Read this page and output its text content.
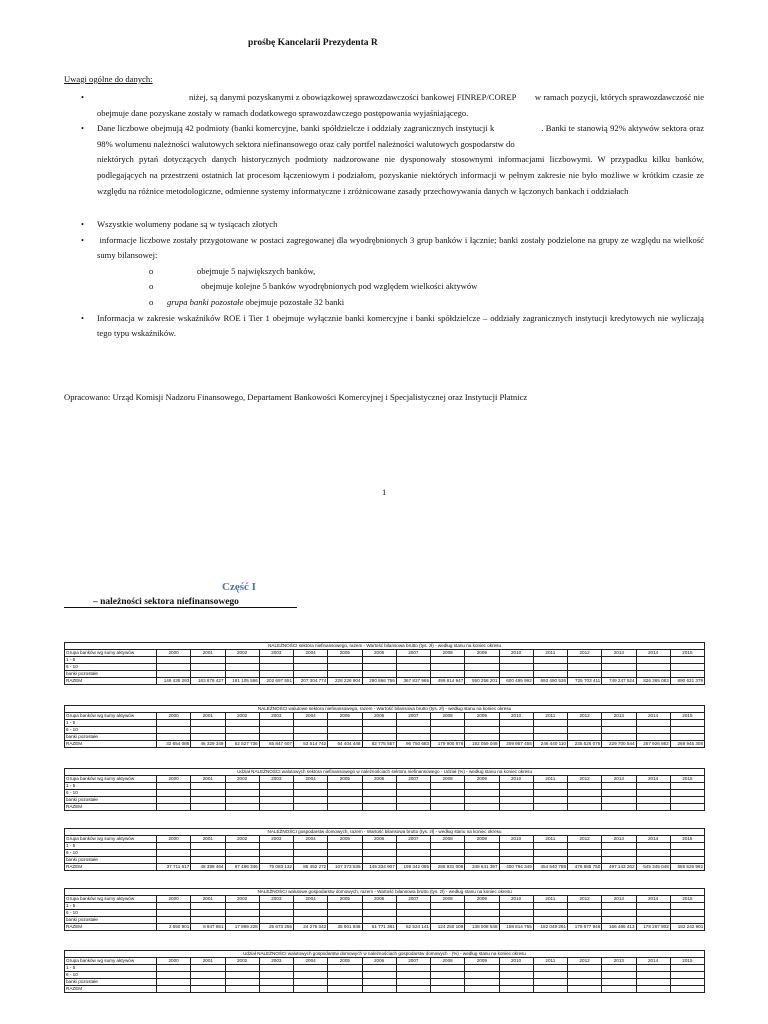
prośbę Kancelarii Prezydenta R
Uwagi ogólne do danych:
•	niżej, są danymi pozyskanymi z obowiązkowej sprawozdawczości bankowej FINREP/COREP w ramach pozycji, których sprawozdawczość nie obejmuje dane pozyskane zostały w ramach dodatkowego sprawozdawczego postępowania wyjaśniającego.
• Dane liczbowe obejmują 42 podmioty (banki komercyjne, banki spółdzielcze i oddziały zagranicznych instytucji k	. Banki te stanowią 92% aktywów sektora oraz 98% wolumenu należności walutowych sektora niefinansowego oraz cały portfel należności walutowych gospodarstw do
niektórych pytań dotyczących danych historycznych podmioty nadzorowane nie dysponowały stosownymi informacjami liczbowymi. W przypadku kilku banków, podlegających na przestrzeni ostatnich lat procesom łączeniowym i podziałom, pozyskanie niektórych informacji w pełnym zakresie nie było możliwe w krótkim czasie ze względu na różnice metodologiczne, odmienne systemy informatyczne i zróżnicowane zasady przechowywania danych w łączonych bankach i oddziałach
• Wszystkie wolumeny podane są w tysiącach złotych
• informacje liczbowe zostały przygotowane w postaci zagregowanej dla wyodrębnionych 3 grup banków i łącznie; banki zostały podzielone na grupy ze względu na wielkość sumy bilansowej:
o	obejmuje 5 największych banków,
o	obejmuje kolejne 5 banków wyodrębnionych pod względem wielkości aktywów
o grupa banki pozostałe obejmuje pozostałe 32 banki
• Informacja w zakresie wskaźników ROE i Tier 1 obejmuje wyłącznie banki komercyjne i banki spółdzielcze – oddziały zagranicznych instytucji kredytowych nie wyliczają tego typu wskaźników.
Opracowano: Urząd Komisji Nadzoru Finansowego, Departament Bankowości Komercyjnej i Specjalistycznej oraz Instytucji Płatnicz
1
Część I
– należności sektora niefinansowego
NALEŻNOŚCI sektora niefinansowego, razem - Wartość bilansowa brutto (tys. zł) - według stanu na koniec okresu																
Grupa banków wg sumy aktywów	2000	2001	2002	2003	2004	2005	2006	2007	2008	2009	2010	2011	2012	2013	2014	2015
1 - 5																
6 - 10																
banki pozostałe																
RAZEM	146 435 293	183 876 427	191 105 586	202 697 551	207 304 774	228 226 904	280 866 756	367 837 965	499 814 947	550 258 201	600 495 992	693 490 536	725 703 411	749 247 524	826 365 083	890 631 379
NALEŻNOŚCI walutowe sektora niefinansowego, razem - Wartość bilansowa brutto (tys. zł) - według stanu na koniec okresu																
Grupa banków wg sumy aktywów	2000	2001	2002	2003	2004	2005	2006	2007	2008	2009	2010	2011	2012	2013	2014	2015
1 - 5																
6 - 10																
banki pozostałe																
RAZEM	32 654 086	46 329 349	52 527 736	65 847 607	53 514 742	64 404 448	82 775 557	96 750 683	179 900 876	192 059 048	209 957 455	246 440 110	235 526 075	229 700 544	257 926 862	269 945 308
Udział NALEŻNOŚCI walutowych sektora niefinansowego w należnościach sektora niefinansowego - Udział (%) - według stanu na koniec okresu																
Grupa banków wg sumy aktywów	2000	2001	2002	2003	2004	2005	2006	2007	2008	2009	2010	2011	2012	2013	2014	2015
1 - 5																
6 - 10																
banki pozostałe																
RAZEM																
NALEŻNOŚCI gospodarstw domowych, razem - Wartość bilansowa brutto (tys. zł) - według stanu na koniec okresu																
Grupa banków wg sumy aktywów	2000	2001	2002	2003	2004	2005	2006	2007	2008	2009	2010	2011	2012	2013	2014	2015
1 - 5																
6 - 10																
banki pozostałe																
RAZEM	37 711 517	48 398 464	67 496 346	75 083 132	85 452 272	107 373 535	145 334 907	199 342 085	286 931 006	348 641 397	400 794 349	454 540 788	476 885 750	497 143 262	545 345 048	585 526 992
NALEŻNOŚCI walutowe gospodarstw domowych, razem - Wartość bilansowa brutto (tys. zł) - według stanu na koniec okresu																
Grupa banków wg sumy aktywów	2000	2001	2002	2003	2004	2005	2006	2007	2008	2009	2010	2011	2012	2013	2014	2015
1 - 5																
6 - 10																
banki pozostałe																
RAZEM	2 650 901	8 947 851	17 999 228	25 673 255	24 276 042	35 901 848	51 771 361	62 524 141	124 250 109	138 008 548	158 814 755	182 049 261	176 677 946	166 486 413	178 267 802	182 242 901
Udział NALEŻNOŚCI walutowych gospodarstw domowych w należnościach gospodarstw domowych - (%) - według stanu na koniec okresu																
Grupa banków wg sumy aktywów	2000	2001	2002	2003	2004	2005	2006	2007	2008	2009	2010	2011	2012	2013	2014	2015
1 - 5																
6 - 10																
banki pozostałe																
RAZEM																
